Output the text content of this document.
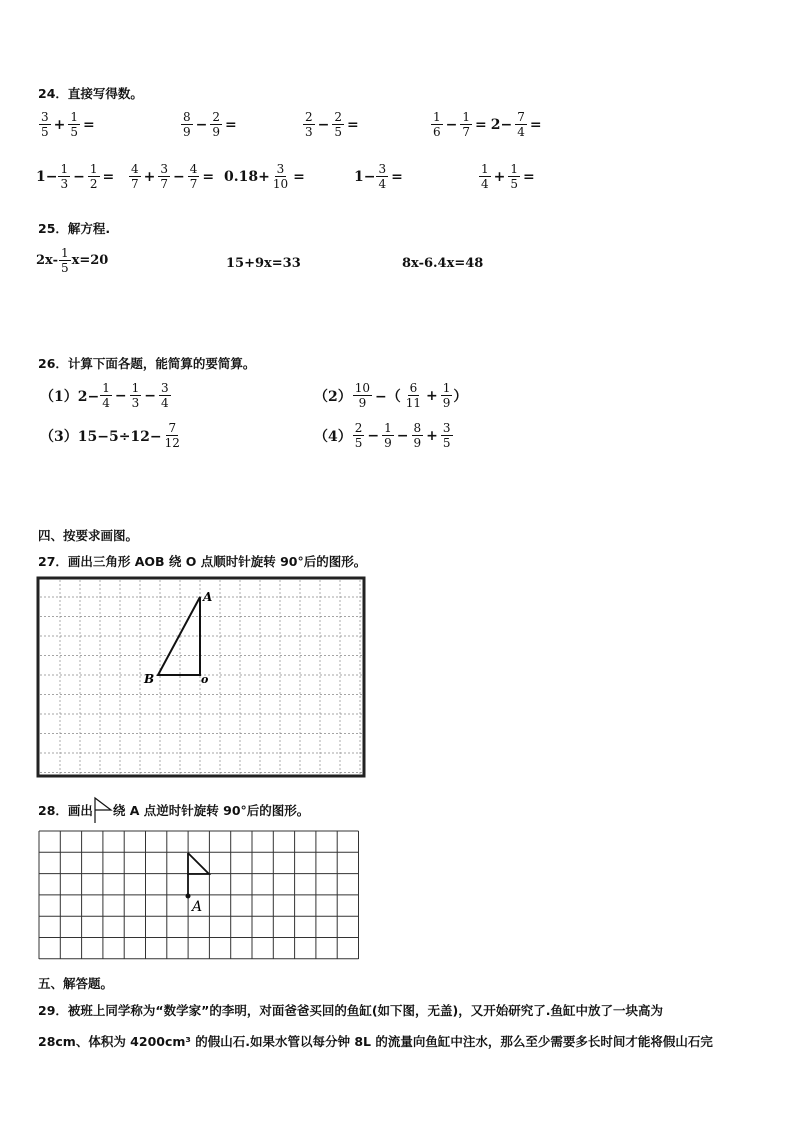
24．直接写得数。
$\frac{3}{5} + \frac{1}{5}$ =	$\frac{8}{9} - \frac{2}{9}$ =	$\frac{2}{3} - \frac{2}{5}$ =	$\frac{1}{6} - \frac{1}{7} = 2- \frac{7}{4}$ =
$1- \frac{1}{3} - \frac{1}{2} = \frac{4}{7} + \frac{3}{7} - \frac{4}{7} = 0.18+ \frac{3}{10}$ =	$1- \frac{3}{4}$ =	$\frac{1}{4} + \frac{1}{5}$ =
25．解方程.
$2x- \frac{1}{5} x=20$	15+9x=33	8x-6.4x=48
26．计算下面各题，能简算的要简算。
$(1)2- \frac{1}{4} - \frac{1}{3} - \frac{3}{4}$	$(2) \frac{10}{9}$ −（ $\frac{6}{11} + \frac{1}{9}$ ）
$(3)15-5\div 12- \frac{7}{12}$	$(4) \frac{2}{5} - \frac{1}{9} - \frac{8}{9} + \frac{3}{5}$
四、按要求画图。
27．画出三角形 AOB 绕 O 点顺时针旋转 90°后的图形。
A
B	o
28．画出 绕 A 点逆时针旋转 90°后的图形。
A
五、解答题。
29．被班上同学称为“数学家”的李明，对面爸爸买回的鱼缸(如下图，无盖)，又开始研究了.鱼缸中放了一块高为
28cm、体积为 4200cm³ 的假山石.如果水管以每分钟 8L 的流量向鱼缸中注水，那么至少需要多长时间才能将假山石完
